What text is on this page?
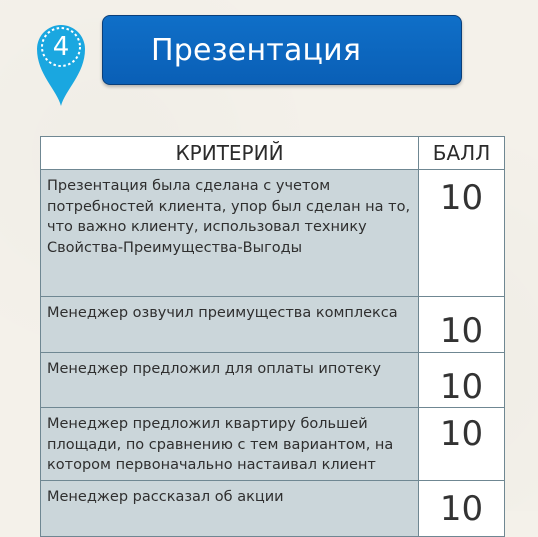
4	Презентация
КРИТЕРИЙ	БАЛЛ
Презентация была сделана с учетом потребностей клиента, упор был сделан на то, что важно клиенту, использовал технику Свойства-Преимущества-Выгоды	10
Менеджер озвучил преимущества комплекса	10
Менеджер предложил для оплаты ипотеку	10
Менеджер предложил квартиру большей площади, по сравнению с тем вариантом, на котором первоначально настаивал клиент	10
Менеджер рассказал об акции	10
